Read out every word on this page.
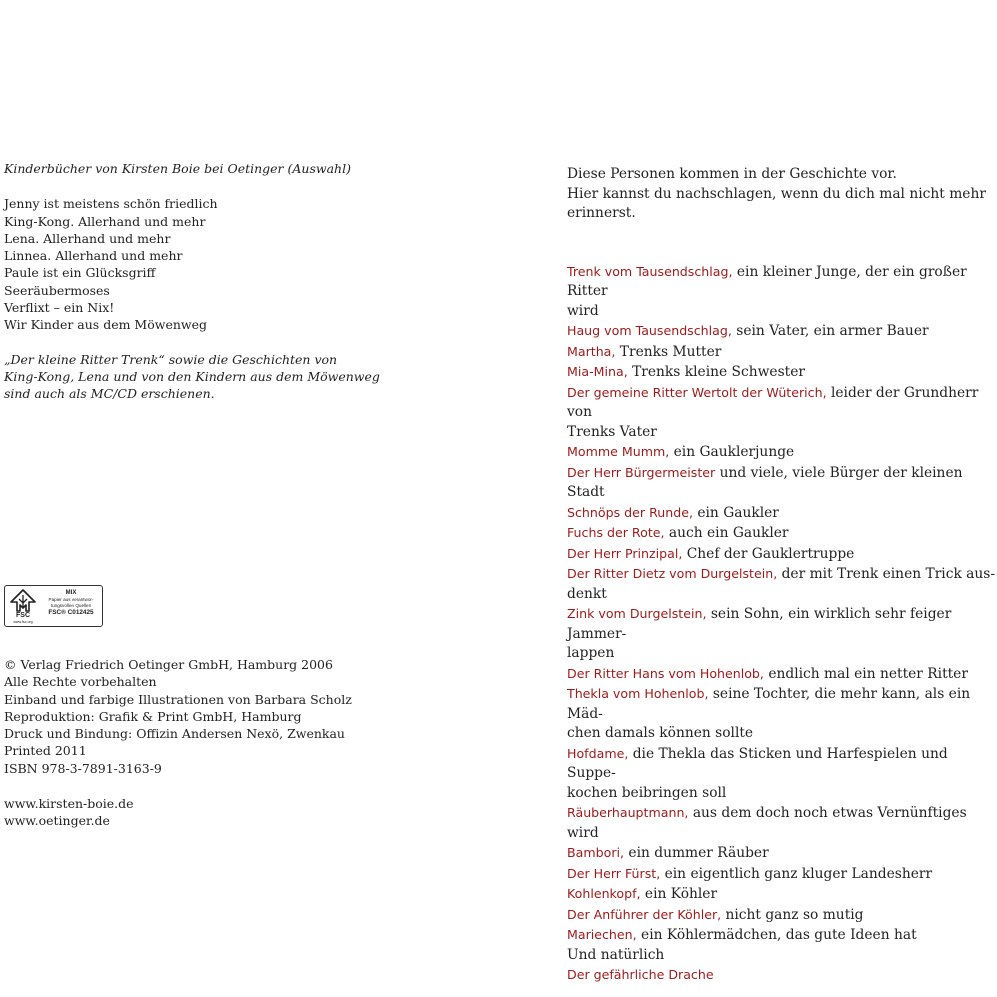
Kinderbücher von Kirsten Boie bei Oetinger (Auswahl)
Jenny ist meistens schön friedlich
King-Kong. Allerhand und mehr
Lena. Allerhand und mehr
Linnea. Allerhand und mehr
Paule ist ein Glücksgriff
Seeräubermoses
Verflixt – ein Nix!
Wir Kinder aus dem Möwenweg
„Der kleine Ritter Trenk“ sowie die Geschichten von
King-Kong, Lena und von den Kindern aus dem Möwenweg
sind auch als MC/CD erschienen.
FSC
www.fsc.org
MIX
Papier aus verantwor-
tungsvollen Quellen
FSC® C012425
© Verlag Friedrich Oetinger GmbH, Hamburg 2006
Alle Rechte vorbehalten
Einband und farbige Illustrationen von Barbara Scholz
Reproduktion: Grafik & Print GmbH, Hamburg
Druck und Bindung: Offizin Andersen Nexö, Zwenkau
Printed 2011
ISBN 978-3-7891-3163-9
www.kirsten-boie.de
www.oetinger.de
Diese Personen kommen in der Geschichte vor.
Hier kannst du nachschlagen, wenn du dich mal nicht mehr
erinnerst.
Trenk vom Tausendschlag, ein kleiner Junge, der ein großer Ritter
wird
Haug vom Tausendschlag, sein Vater, ein armer Bauer
Martha, Trenks Mutter
Mia-Mina, Trenks kleine Schwester
Der gemeine Ritter Wertolt der Wüterich, leider der Grundherr von
Trenks Vater
Momme Mumm, ein Gauklerjunge
Der Herr Bürgermeister und viele, viele Bürger der kleinen Stadt
Schnöps der Runde, ein Gaukler
Fuchs der Rote, auch ein Gaukler
Der Herr Prinzipal, Chef der Gauklertruppe
Der Ritter Dietz vom Durgelstein, der mit Trenk einen Trick aus-
denkt
Zink vom Durgelstein, sein Sohn, ein wirklich sehr feiger Jammer-
lappen
Der Ritter Hans vom Hohenlob, endlich mal ein netter Ritter
Thekla vom Hohenlob, seine Tochter, die mehr kann, als ein Mäd-
chen damals können sollte
Hofdame, die Thekla das Sticken und Harfespielen und Suppe-
kochen beibringen soll
Räuberhauptmann, aus dem doch noch etwas Vernünftiges wird
Bambori, ein dummer Räuber
Der Herr Fürst, ein eigentlich ganz kluger Landesherr
Kohlenkopf, ein Köhler
Der Anführer der Köhler, nicht ganz so mutig
Mariechen, ein Köhlermädchen, das gute Ideen hat
Und natürlich
Der gefährliche Drache
